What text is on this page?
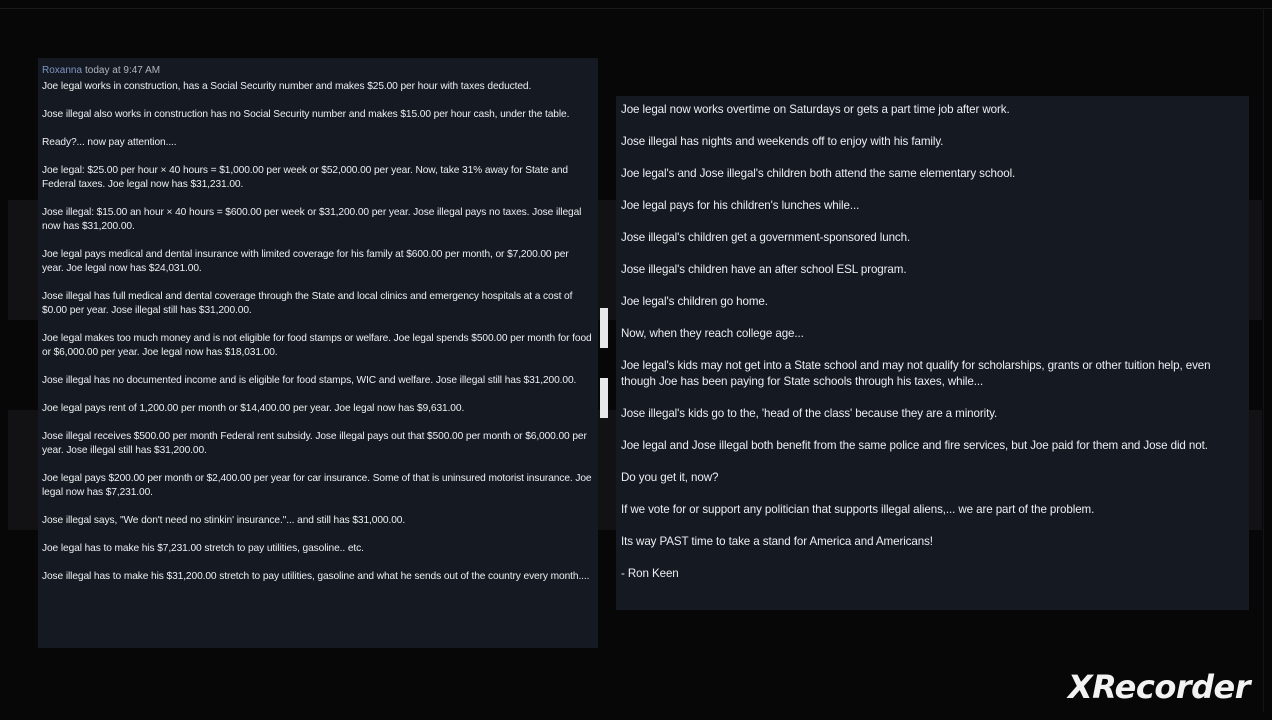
Roxanna today at 9:47 AM

Joe legal works in construction, has a Social Security number and makes $25.00 per hour with taxes deducted.

Jose illegal also works in construction has no Social Security number and makes $15.00 per hour cash, under the table.

Ready?... now pay attention....

Joe legal: $25.00 per hour × 40 hours = $1,000.00 per week or $52,000.00 per year. Now, take 31% away for State and Federal taxes. Joe legal now has $31,231.00.

Jose illegal: $15.00 an hour × 40 hours = $600.00 per week or $31,200.00 per year. Jose illegal pays no taxes. Jose illegal now has $31,200.00.

Joe legal pays medical and dental insurance with limited coverage for his family at $600.00 per month, or $7,200.00 per year. Joe legal now has $24,031.00.

Jose illegal has full medical and dental coverage through the State and local clinics and emergency hospitals at a cost of $0.00 per year. Jose illegal still has $31,200.00.

Joe legal makes too much money and is not eligible for food stamps or welfare. Joe legal spends $500.00 per month for food or $6,000.00 per year. Joe legal now has $18,031.00.

Jose illegal has no documented income and is eligible for food stamps, WIC and welfare. Jose illegal still has $31,200.00.

Joe legal pays rent of 1,200.00 per month or $14,400.00 per year. Joe legal now has $9,631.00.

Jose illegal receives $500.00 per month Federal rent subsidy. Jose illegal pays out that $500.00 per month or $6,000.00 per year. Jose illegal still has $31,200.00.

Joe legal pays $200.00 per month or $2,400.00 per year for car insurance. Some of that is uninsured motorist insurance. Joe legal now has $7,231.00.

Jose illegal says, "We don't need no stinkin' insurance."... and still has $31,000.00.

Joe legal has to make his $7,231.00 stretch to pay utilities, gasoline.. etc.

Jose illegal has to make his $31,200.00 stretch to pay utilities, gasoline and what he sends out of the country every month....

Joe legal now works overtime on Saturdays or gets a part time job after work.

Jose illegal has nights and weekends off to enjoy with his family.

Joe legal's and Jose illegal's children both attend the same elementary school.

Joe legal pays for his children's lunches while...

Jose illegal's children get a government-sponsored lunch.

Jose illegal's children have an after school ESL program.

Joe legal's children go home.

Now, when they reach college age...

Joe legal's kids may not get into a State school and may not qualify for scholarships, grants or other tuition help, even though Joe has been paying for State schools through his taxes, while...

Jose illegal's kids go to the, 'head of the class' because they are a minority.

Joe legal and Jose illegal both benefit from the same police and fire services, but Joe paid for them and Jose did not.

Do you get it, now?

If we vote for or support any politician that supports illegal aliens,... we are part of the problem.

Its way PAST time to take a stand for America and Americans!

- Ron Keen

XRecorder
